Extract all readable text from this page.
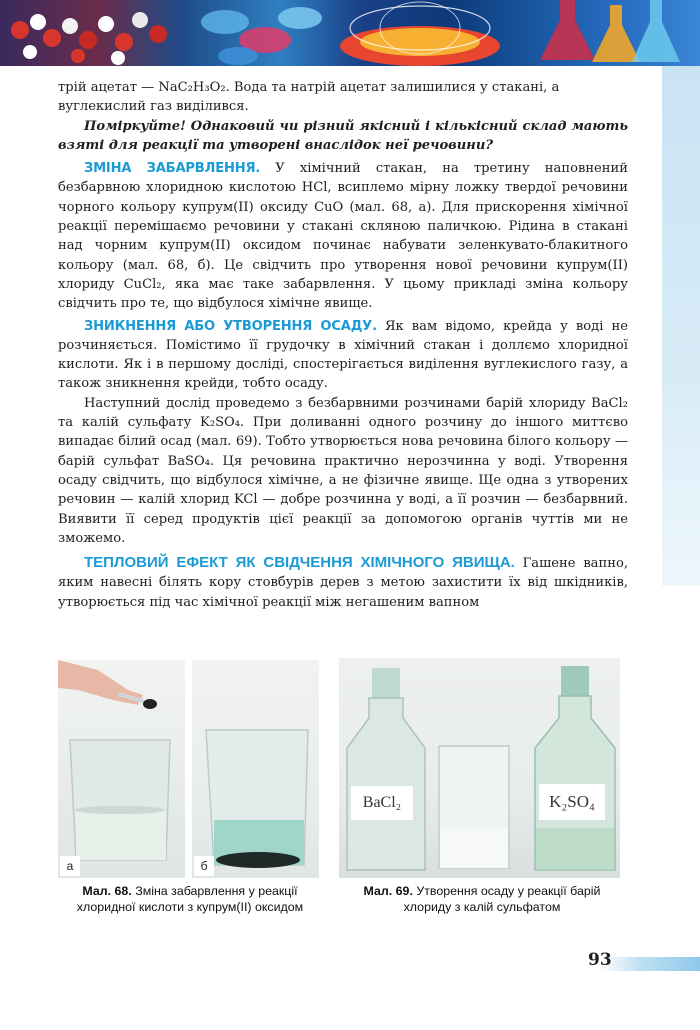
трій ацетат — NaC₂H₃O₂. Вода та натрій ацетат залишилися у стакані, а
вуглекислий газ виділився.

Поміркуйте! Однаковий чи різний якісний і кількісний склад мають взяті для реакції та утворені внаслідок неї речовини?

ЗМІНА ЗАБАРВЛЕННЯ. У хімічний стакан, на третину наповнений безбарвною хлоридною кислотою HCl, всиплемо мірну ложку твердої речовини чорного кольору купрум(ІІ) оксиду CuO (мал. 68, а). Для прискорення хімічної реакції перемішаємо речовини у стакані скляною паличкою. Рідина в стакані над чорним купрум(ІІ) оксидом починає набувати зеленкувато-блакитного кольору (мал. 68, б). Це свідчить про утворення нової речовини купрум(ІІ) хлориду CuCl₂, яка має таке забарвлення. У цьому прикладі зміна кольору свідчить про те, що відбулося хімічне явище.

ЗНИКНЕННЯ АБО УТВОРЕННЯ ОСАДУ. Як вам відомо, крейда у воді не розчиняється. Помістимо її грудочку в хімічний стакан і доллємо хлоридної кислоти. Як і в першому досліді, спостерігається виділення вуглекислого газу, а також зникнення крейди, тобто осаду.

Наступний дослід проведемо з безбарвними розчинами барій хлориду BaCl₂ та калій сульфату K₂SO₄. При доливанні одного розчину до іншого миттєво випадає білий осад (мал. 69). Тобто утворюється нова речовина білого кольору — барій сульфат BaSO₄. Ця речовина практично нерозчинна у воді. Утворення осаду свідчить, що відбулося хімічне, а не фізичне явище. Ще одна з утворених речовин — калій хлорид KCl — добре розчинна у воді, а її розчин — безбарвний. Виявити її серед продуктів цієї реакції за допомогою органів чуттів ми не зможемо.

ТЕПЛОВИЙ ЕФЕКТ ЯК СВІДЧЕННЯ ХІМІЧНОГО ЯВИЩА. Гашене вапно, яким навесні білять кору стовбурів дерев з метою захистити їх від шкідників, утворюється під час хімічної реакції між негашеним вапном

а	б
BaCl₂	K₂SO₄
Мал. 68. Зміна забарвлення у реакції хлоридної кислоти з купрум(ІІ) оксидом
Мал. 69. Утворення осаду у реакції барій хлориду з калій сульфатом
93
